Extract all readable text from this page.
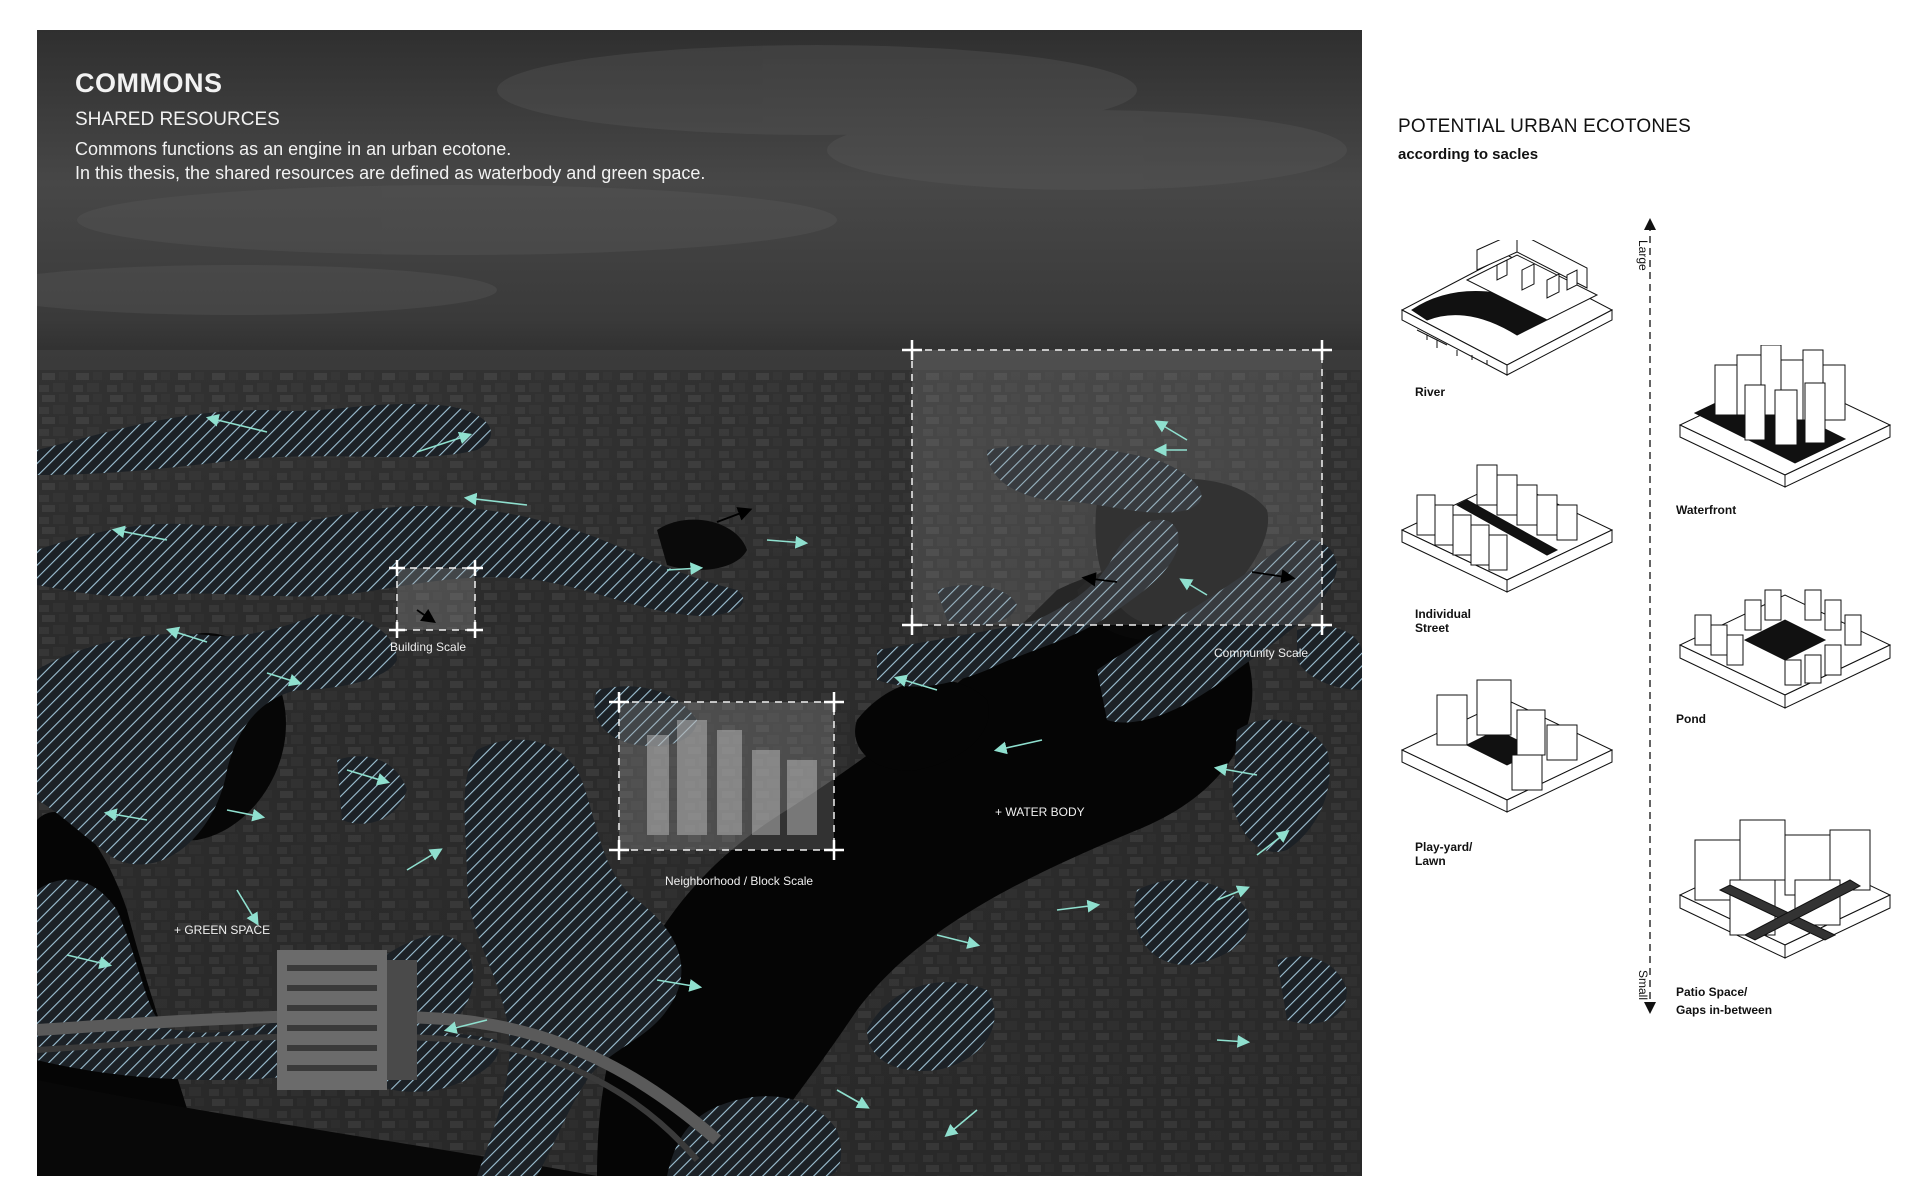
COMMONS
SHARED RESOURCES
Commons functions as an engine in an urban ecotone.
In this thesis, the shared resources are defined as waterbody and green space.
Building Scale
Neighborhood / Block Scale
Community Scale
+ WATER BODY
+ GREEN SPACE
POTENTIAL URBAN ECOTONES
according to sacles
Large
Small
River
Waterfront
Individual
Street
Pond
Play-yard/
Lawn
Patio Space/
Gaps in-between
